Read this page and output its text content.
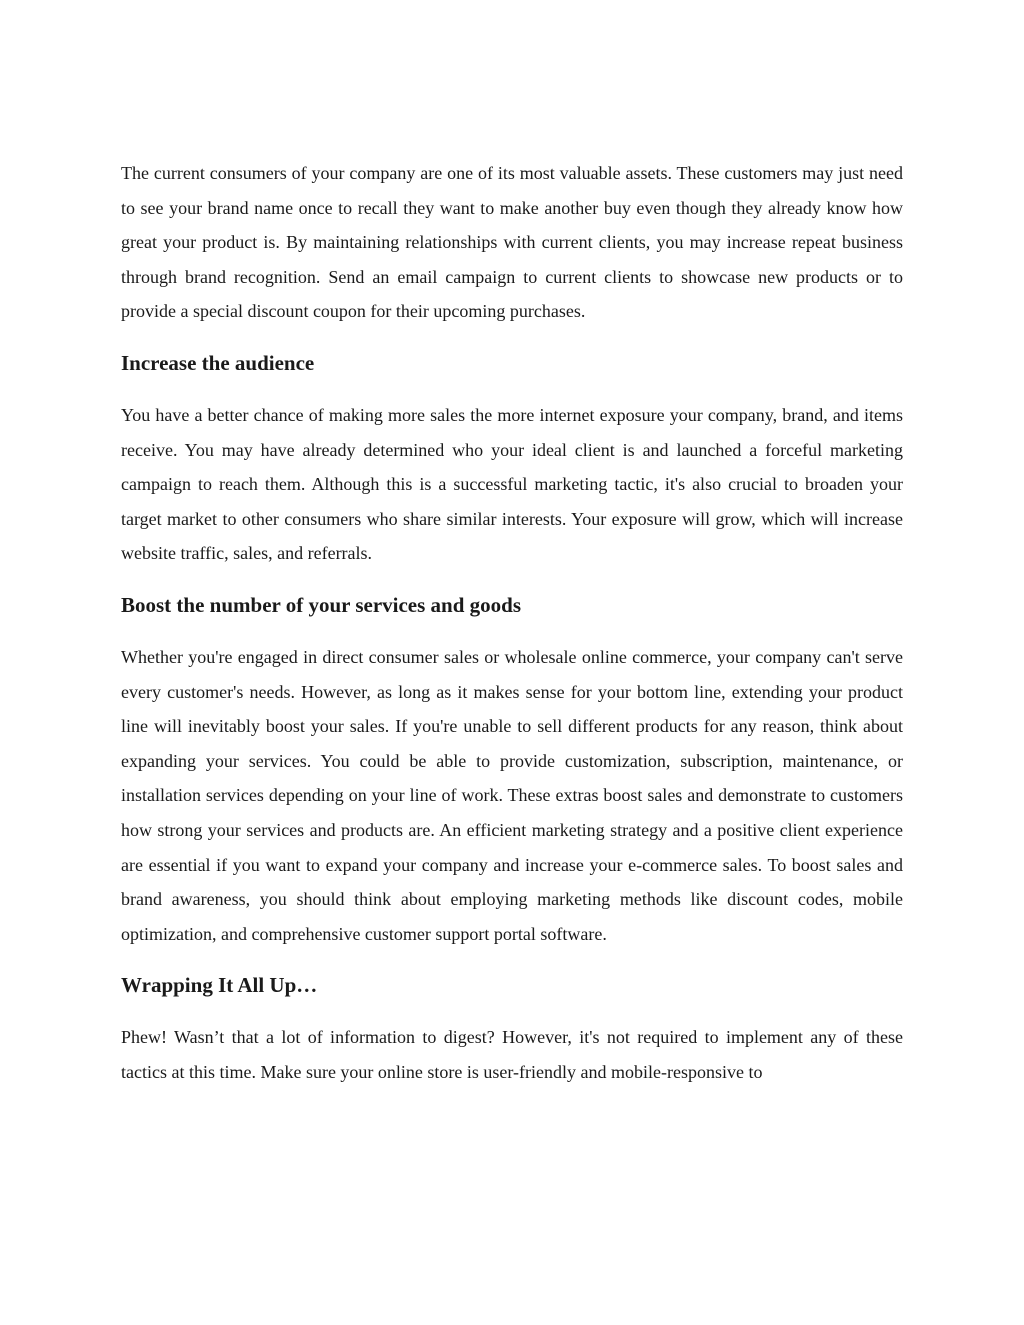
The current consumers of your company are one of its most valuable assets. These customers may just need to see your brand name once to recall they want to make another buy even though they already know how great your product is. By maintaining relationships with current clients, you may increase repeat business through brand recognition. Send an email campaign to current clients to showcase new products or to provide a special discount coupon for their upcoming purchases.

Increase the audience

You have a better chance of making more sales the more internet exposure your company, brand, and items receive. You may have already determined who your ideal client is and launched a forceful marketing campaign to reach them. Although this is a successful marketing tactic, it's also crucial to broaden your target market to other consumers who share similar interests. Your exposure will grow, which will increase website traffic, sales, and referrals.

Boost the number of your services and goods

Whether you're engaged in direct consumer sales or wholesale online commerce, your company can't serve every customer's needs. However, as long as it makes sense for your bottom line, extending your product line will inevitably boost your sales. If you're unable to sell different products for any reason, think about expanding your services. You could be able to provide customization, subscription, maintenance, or installation services depending on your line of work. These extras boost sales and demonstrate to customers how strong your services and products are. An efficient marketing strategy and a positive client experience are essential if you want to expand your company and increase your e-commerce sales. To boost sales and brand awareness, you should think about employing marketing methods like discount codes, mobile optimization, and comprehensive customer support portal software.

Wrapping It All Up…

Phew! Wasn’t that a lot of information to digest? However, it's not required to implement any of these tactics at this time. Make sure your online store is user-friendly and mobile-responsive to
